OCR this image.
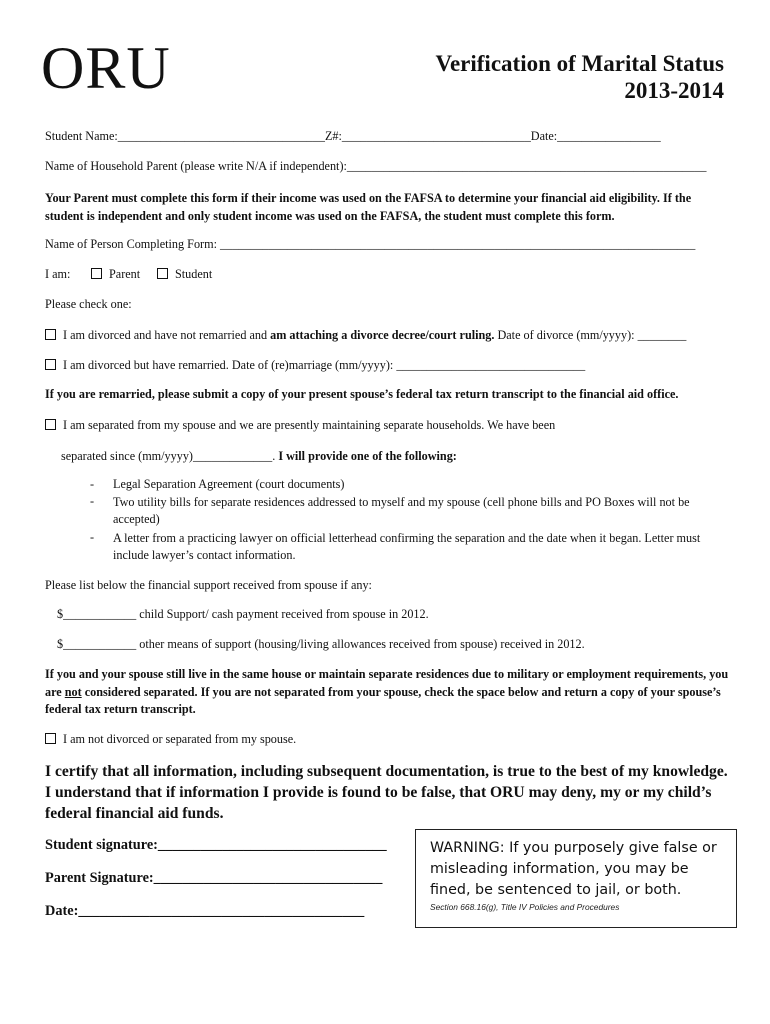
ORU	Verification of Marital Status
2013-2014
Student Name:__________________________________Z#:_______________________________Date:_________________
Name of Household Parent (please write N/A if independent):___________________________________________________________
Your Parent must complete this form if their income was used on the FAFSA to determine your financial aid eligibility. If the student is independent and only student income was used on the FAFSA, the student must complete this form.
Name of Person Completing Form: ______________________________________________________________________________
I am:	Parent	Student
Please check one:
I am divorced and have not remarried and am attaching a divorce decree/court ruling. Date of divorce (mm/yyyy): ________
I am divorced but have remarried. Date of (re)marriage (mm/yyyy): _______________________________
If you are remarried, please submit a copy of your present spouse’s federal tax return transcript to the financial aid office.
I am separated from my spouse and we are presently maintaining separate households. We have been
separated since (mm/yyyy)_____________. I will provide one of the following:
- Legal Separation Agreement (court documents)
- Two utility bills for separate residences addressed to myself and my spouse (cell phone bills and PO Boxes will not be accepted)
- A letter from a practicing lawyer on official letterhead confirming the separation and the date when it began. Letter must include lawyer’s contact information.
Please list below the financial support received from spouse if any:
$____________ child Support/ cash payment received from spouse in 2012.
$____________ other means of support (housing/living allowances received from spouse) received in 2012.
If you and your spouse still live in the same house or maintain separate residences due to military or employment requirements, you are not considered separated. If you are not separated from your spouse, check the space below and return a copy of your spouse’s federal tax return transcript.
I am not divorced or separated from my spouse.
I certify that all information, including subsequent documentation, is true to the best of my knowledge. I understand that if information I provide is found to be false, that ORU may deny, my or my child’s federal financial aid funds.
Student signature:________________________________
Parent Signature:________________________________
Date:________________________________________
WARNING: If you purposely give false or misleading information, you may be fined, be sentenced to jail, or both.
Section 668.16(g), Title IV Policies and Procedures
